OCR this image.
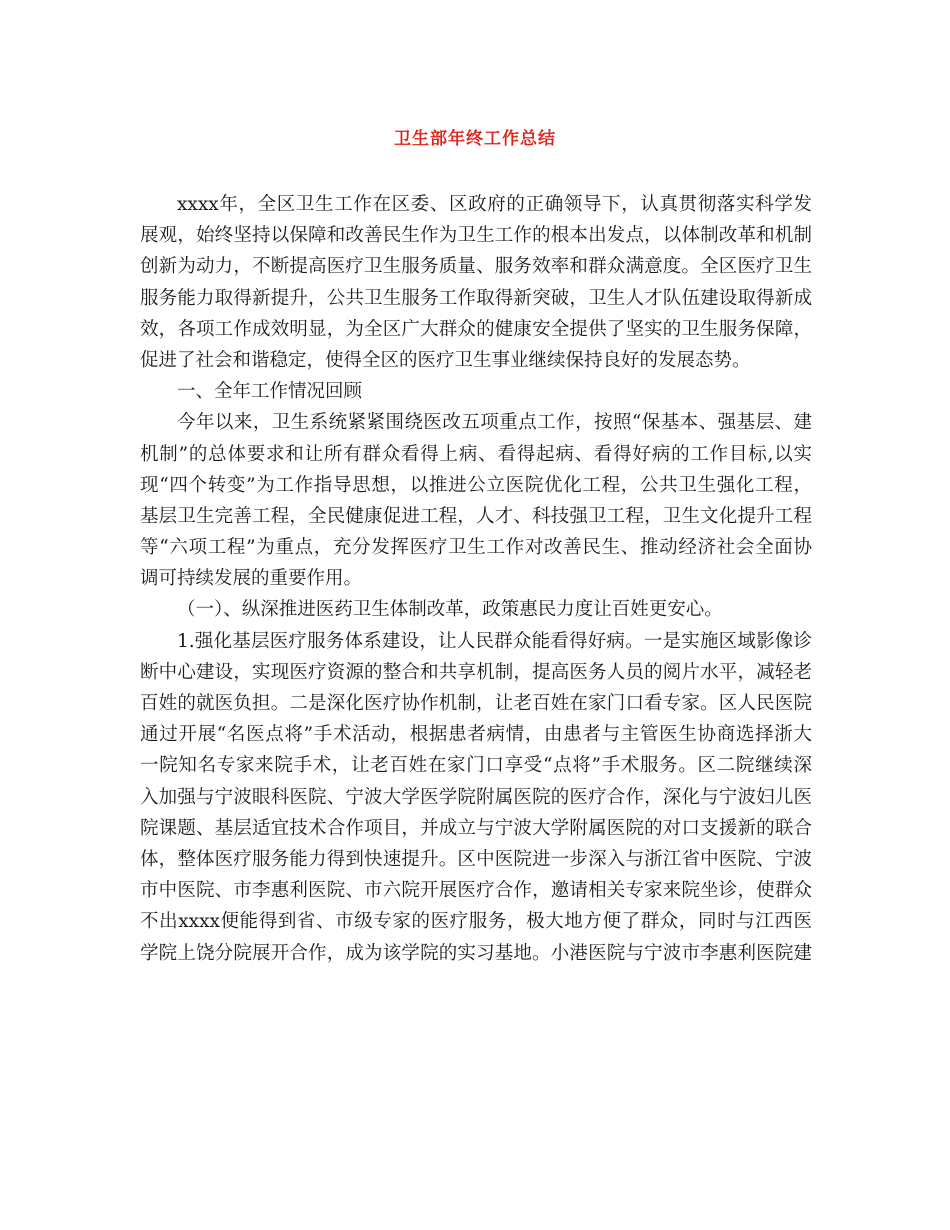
卫生部年终工作总结
xxxx年，全区卫生工作在区委、区政府的正确领导下，认真贯彻落实科学发
展观，始终坚持以保障和改善民生作为卫生工作的根本出发点，以体制改革和机制
创新为动力，不断提高医疗卫生服务质量、服务效率和群众满意度。全区医疗卫生
服务能力取得新提升，公共卫生服务工作取得新突破，卫生人才队伍建设取得新成
效，各项工作成效明显，为全区广大群众的健康安全提供了坚实的卫生服务保障，
促进了社会和谐稳定，使得全区的医疗卫生事业继续保持良好的发展态势。
一、全年工作情况回顾
今年以来，卫生系统紧紧围绕医改五项重点工作，按照“保基本、强基层、建
机制”的总体要求和让所有群众看得上病、看得起病、看得好病的工作目标,以实
现“四个转变”为工作指导思想，以推进公立医院优化工程，公共卫生强化工程，
基层卫生完善工程，全民健康促进工程，人才、科技强卫工程，卫生文化提升工程
等“六项工程”为重点，充分发挥医疗卫生工作对改善民生、推动经济社会全面协
调可持续发展的重要作用。
（一）、纵深推进医药卫生体制改革，政策惠民力度让百姓更安心。
1.强化基层医疗服务体系建设，让人民群众能看得好病。一是实施区域影像诊
断中心建设，实现医疗资源的整合和共享机制，提高医务人员的阅片水平，减轻老
百姓的就医负担。二是深化医疗协作机制，让老百姓在家门口看专家。区人民医院
通过开展“名医点将”手术活动，根据患者病情，由患者与主管医生协商选择浙大
一院知名专家来院手术，让老百姓在家门口享受“点将”手术服务。区二院继续深
入加强与宁波眼科医院、宁波大学医学院附属医院的医疗合作，深化与宁波妇儿医
院课题、基层适宜技术合作项目，并成立与宁波大学附属医院的对口支援新的联合
体，整体医疗服务能力得到快速提升。区中医院进一步深入与浙江省中医院、宁波
市中医院、市李惠利医院、市六院开展医疗合作，邀请相关专家来院坐诊，使群众
不出xxxx便能得到省、市级专家的医疗服务，极大地方便了群众，同时与江西医
学院上饶分院展开合作，成为该学院的实习基地。小港医院与宁波市李惠利医院建
